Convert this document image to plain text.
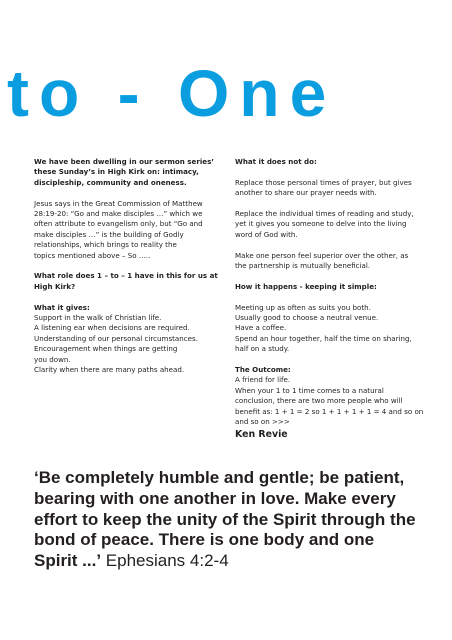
to - One

We have been dwelling in our sermon series’
these Sunday’s in High Kirk on: intimacy,
discipleship, community and oneness.

Jesus says in the Great Commission of Matthew
28:19-20: “Go and make disciples …” which we
often attribute to evangelism only, but “Go and
make disciples …” is the building of Godly
relationships, which brings to reality the
topics mentioned above – So …..

What role does 1 – to – 1 have in this for us at
High Kirk?

What it gives:

Support in the walk of Christian life.
A listening ear when decisions are required.
Understanding of our personal circumstances.
Encouragement when things are getting
you down.
Clarity when there are many paths ahead.

What it does not do:

Replace those personal times of prayer, but gives
another to share our prayer needs with.

Replace the individual times of reading and study,
yet it gives you someone to delve into the living
word of God with.

Make one person feel superior over the other, as
the partnership is mutually beneficial.

How it happens - keeping it simple:

Meeting up as often as suits you both.
Usually good to choose a neutral venue.
Have a coffee.
Spend an hour together, half the time on sharing,
half on a study.

The Outcome:

A friend for life.
When your 1 to 1 time comes to a natural
conclusion, there are two more people who will
benefit as: 1 + 1 = 2 so 1 + 1 + 1 + 1 = 4 and so on
and so on >>>

Ken Revie

‘Be completely humble and gentle; be patient,
bearing with one another in love. Make every
effort to keep the unity of the Spirit through the
bond of peace. There is one body and one
Spirit ...’ Ephesians 4:2-4
